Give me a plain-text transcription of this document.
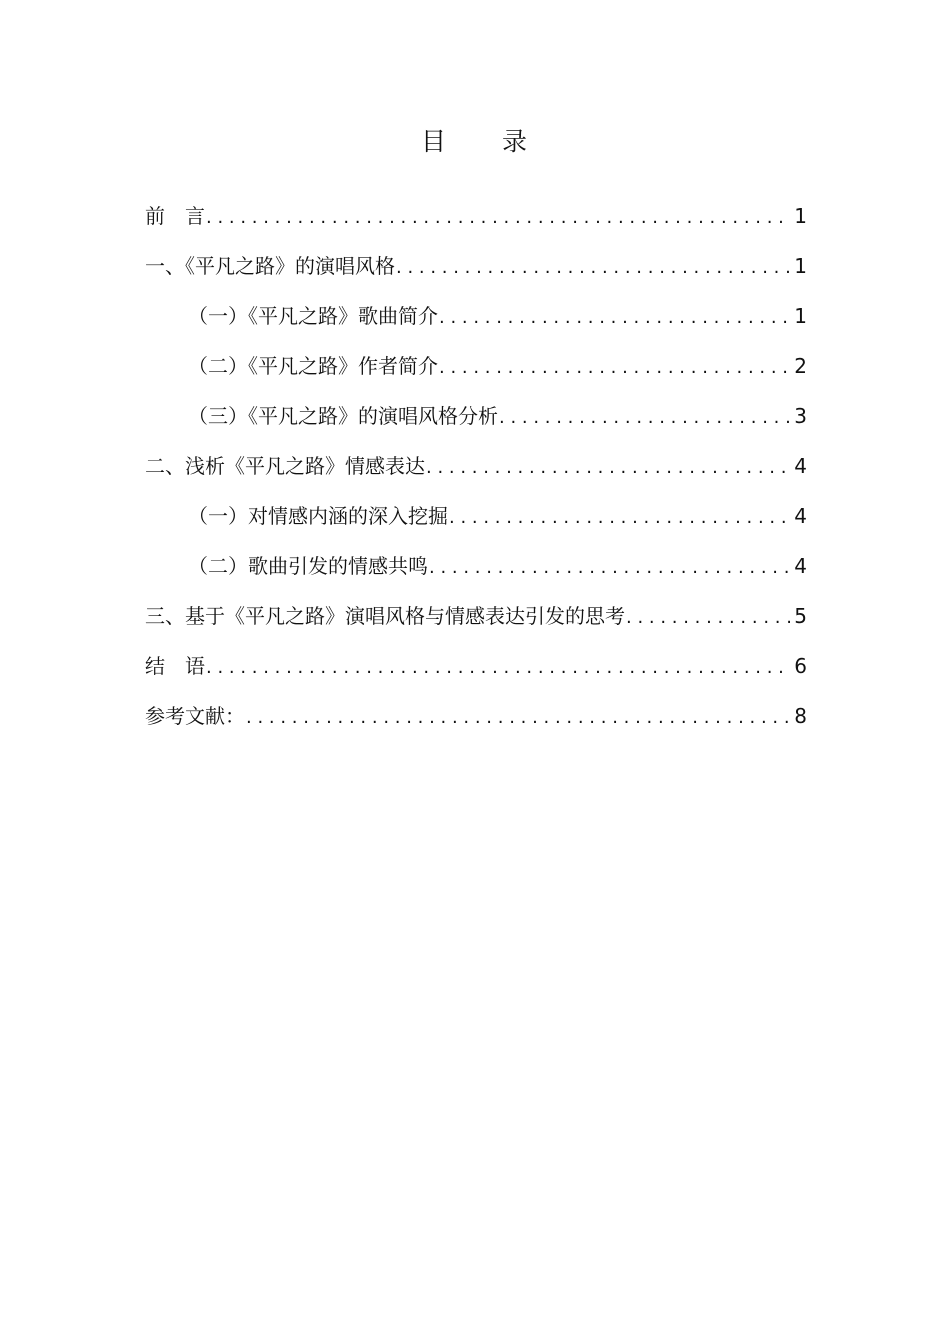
目　　录
前　言 . . .	1
一、《平凡之路》的演唱风格 . . .	1
（一）《平凡之路》歌曲简介 . . .	1
（二）《平凡之路》作者简介 . . .	2
（三）《平凡之路》的演唱风格分析 . . .	3
二、浅析《平凡之路》情感表达 . . .	4
（一）对情感内涵的深入挖掘 . . .	4
（二）歌曲引发的情感共鸣 . . .	4
三、基于《平凡之路》演唱风格与情感表达引发的思考 . . .	5
结　语 . . .	6
参考文献： . . .	8
